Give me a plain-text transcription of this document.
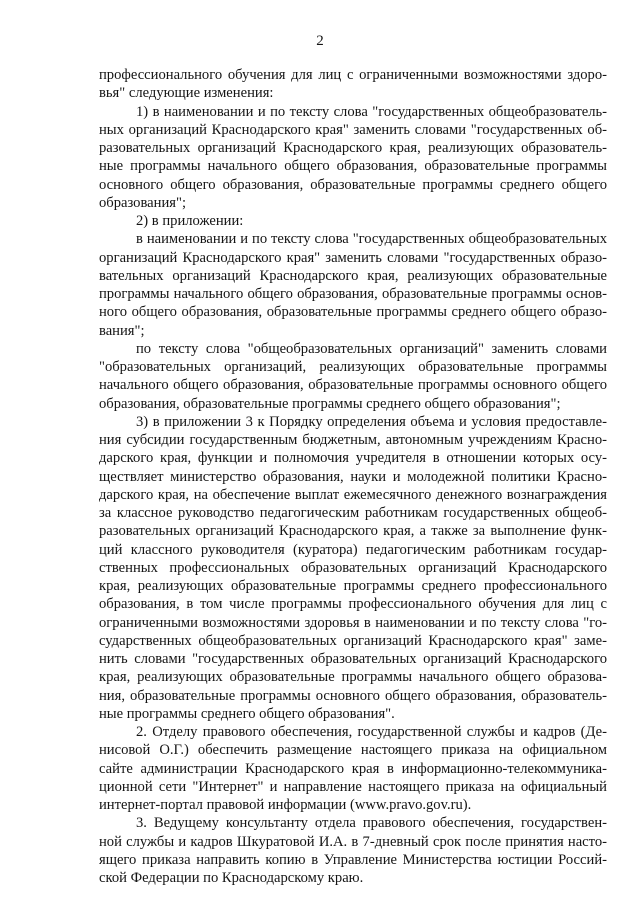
2

профессионального обучения для лиц с ограниченными возможностями здоро-
вья" следующие изменения:

1) в наименовании и по тексту слова "государственных общеобразователь-
ных организаций Краснодарского края" заменить словами "государственных об-
разовательных организаций Краснодарского края, реализующих образователь-
ные программы начального общего образования, образовательные программы
основного общего образования, образовательные программы среднего общего
образования";

2) в приложении:

в наименовании и по тексту слова "государственных общеобразовательных
организаций Краснодарского края" заменить словами "государственных образо-
вательных организаций Краснодарского края, реализующих образовательные
программы начального общего образования, образовательные программы основ-
ного общего образования, образовательные программы среднего общего образо-
вания";

по тексту слова "общеобразовательных организаций" заменить словами
"образовательных организаций, реализующих образовательные программы
начального общего образования, образовательные программы основного общего
образования, образовательные программы среднего общего образования";

3) в приложении 3 к Порядку определения объема и условия предоставле-
ния субсидии государственным бюджетным, автономным учреждениям Красно-
дарского края, функции и полномочия учредителя в отношении которых осу-
ществляет министерство образования, науки и молодежной политики Красно-
дарского края, на обеспечение выплат ежемесячного денежного вознаграждения
за классное руководство педагогическим работникам государственных общеоб-
разовательных организаций Краснодарского края, а также за выполнение функ-
ций классного руководителя (куратора) педагогическим работникам государ-
ственных профессиональных образовательных организаций Краснодарского
края, реализующих образовательные программы среднего профессионального
образования, в том числе программы профессионального обучения для лиц с
ограниченными возможностями здоровья в наименовании и по тексту слова "го-
сударственных общеобразовательных организаций Краснодарского края" заме-
нить словами "государственных образовательных организаций Краснодарского
края, реализующих образовательные программы начального общего образова-
ния, образовательные программы основного общего образования, образователь-
ные программы среднего общего образования".

2. Отделу правового обеспечения, государственной службы и кадров (Де-
нисовой О.Г.) обеспечить размещение настоящего приказа на официальном
сайте администрации Краснодарского края в информационно-телекоммуника-
ционной сети "Интернет" и направление настоящего приказа на официальный
интернет-портал правовой информации (www.pravo.gov.ru).

3. Ведущему консультанту отдела правового обеспечения, государствен-
ной службы и кадров Шкуратовой И.А. в 7-дневный срок после принятия насто-
ящего приказа направить копию в Управление Министерства юстиции Россий-
ской Федерации по Краснодарскому краю.
